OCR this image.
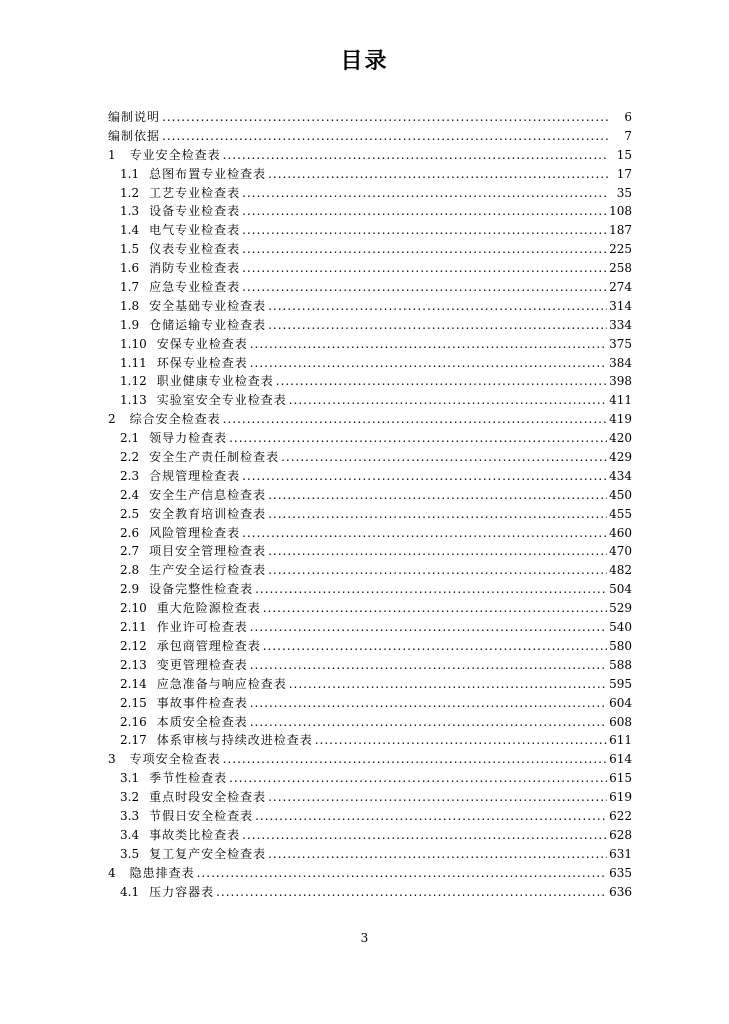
目录
编制说明 .....	6
编制依据 .....	7
1	专业安全检查表 .....	15
1.1 总图布置专业检查表 .....	17
1.2 工艺专业检查表 .....	35
1.3 设备专业检查表 .....	108
1.4 电气专业检查表 .....	187
1.5 仪表专业检查表 .....	225
1.6 消防专业检查表 .....	258
1.7 应急专业检查表 .....	274
1.8 安全基础专业检查表 .....	314
1.9 仓储运输专业检查表 .....	334
1.10 安保专业检查表 .....	375
1.11 环保专业检查表 .....	384
1.12 职业健康专业检查表 .....	398
1.13 实验室安全专业检查表 .....	411
2	综合安全检查表 .....	419
2.1 领导力检查表 .....	420
2.2 安全生产责任制检查表 .....	429
2.3 合规管理检查表 .....	434
2.4 安全生产信息检查表 .....	450
2.5 安全教育培训检查表 .....	455
2.6 风险管理检查表 .....	460
2.7 项目安全管理检查表 .....	470
2.8 生产安全运行检查表 .....	482
2.9 设备完整性检查表 .....	504
2.10 重大危险源检查表 .....	529
2.11 作业许可检查表 .....	540
2.12 承包商管理检查表 .....	580
2.13 变更管理检查表 .....	588
2.14 应急准备与响应检查表 .....	595
2.15 事故事件检查表 .....	604
2.16 本质安全检查表 .....	608
2.17 体系审核与持续改进检查表 .....	611
3	专项安全检查表 .....	614
3.1 季节性检查表 .....	615
3.2 重点时段安全检查表 .....	619
3.3 节假日安全检查表 .....	622
3.4 事故类比检查表 .....	628
3.5 复工复产安全检查表 .....	631
4	隐患排查表 .....	635
4.1 压力容器表 .....	636
3
